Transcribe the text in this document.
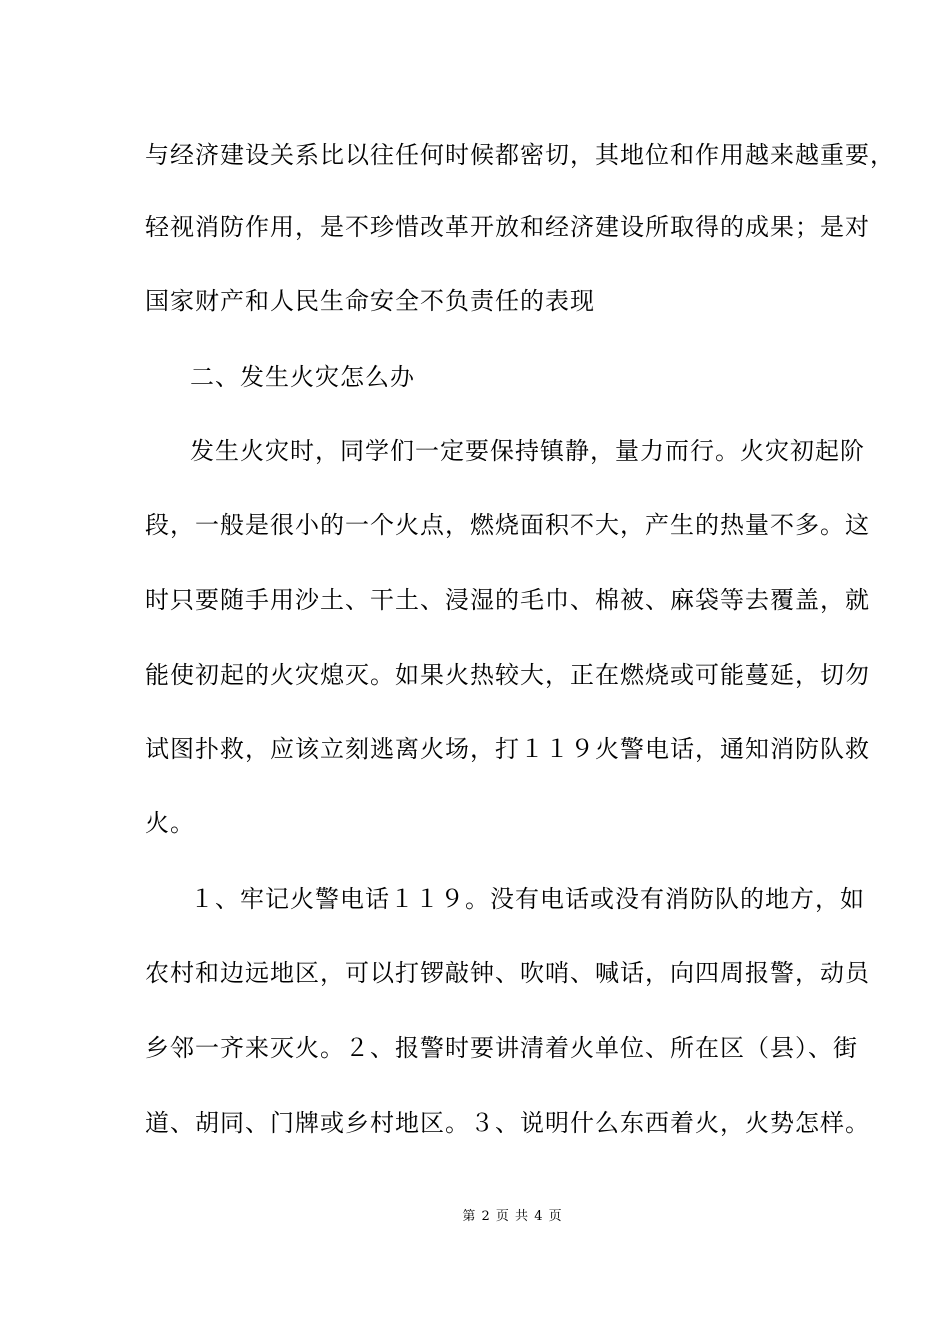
与经济建设关系比以往任何时候都密切，其地位和作用越来越重要，
轻视消防作用，是不珍惜改革开放和经济建设所取得的成果；是对
国家财产和人民生命安全不负责任的表现
二、发生火灾怎么办
发生火灾时，同学们一定要保持镇静，量力而行。火灾初起阶
段，一般是很小的一个火点，燃烧面积不大，产生的热量不多。这
时只要随手用沙土、干土、浸湿的毛巾、棉被、麻袋等去覆盖，就
能使初起的火灾熄灭。如果火热较大，正在燃烧或可能蔓延，切勿
试图扑救，应该立刻逃离火场，打１１９火警电话，通知消防队救
火。
１、牢记火警电话１１９。没有电话或没有消防队的地方，如
农村和边远地区，可以打锣敲钟、吹哨、喊话，向四周报警，动员
乡邻一齐来灭火。２、报警时要讲清着火单位、所在区（县）、街
道、胡同、门牌或乡村地区。３、说明什么东西着火，火势怎样。
第 2 页 共 4 页
